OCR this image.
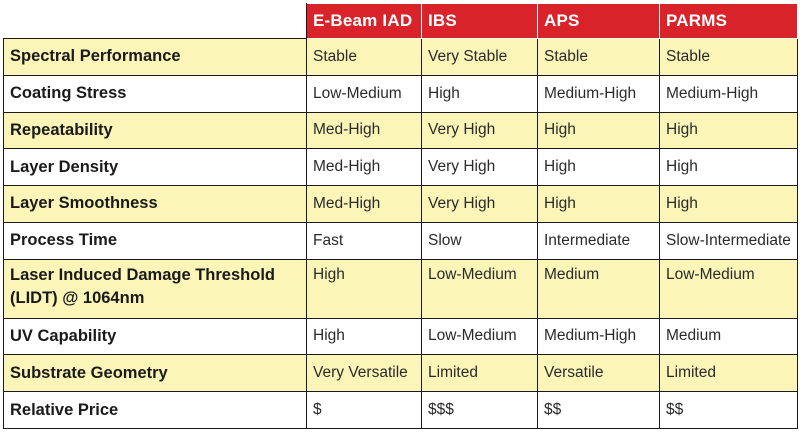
	E-Beam IAD	IBS	APS	PARMS
Spectral Performance	Stable	Very Stable	Stable	Stable
Coating Stress	Low-Medium	High	Medium-High	Medium-High
Repeatability	Med-High	Very High	High	High
Layer Density	Med-High	Very High	High	High
Layer Smoothness	Med-High	Very High	High	High
Process Time	Fast	Slow	Intermediate	Slow-Intermediate
Laser Induced Damage Threshold (LIDT) @ 1064nm	High	Low-Medium	Medium	Low-Medium
UV Capability	High	Low-Medium	Medium-High	Medium
Substrate Geometry	Very Versatile	Limited	Versatile	Limited
Relative Price	$	$$$	$$	$$
